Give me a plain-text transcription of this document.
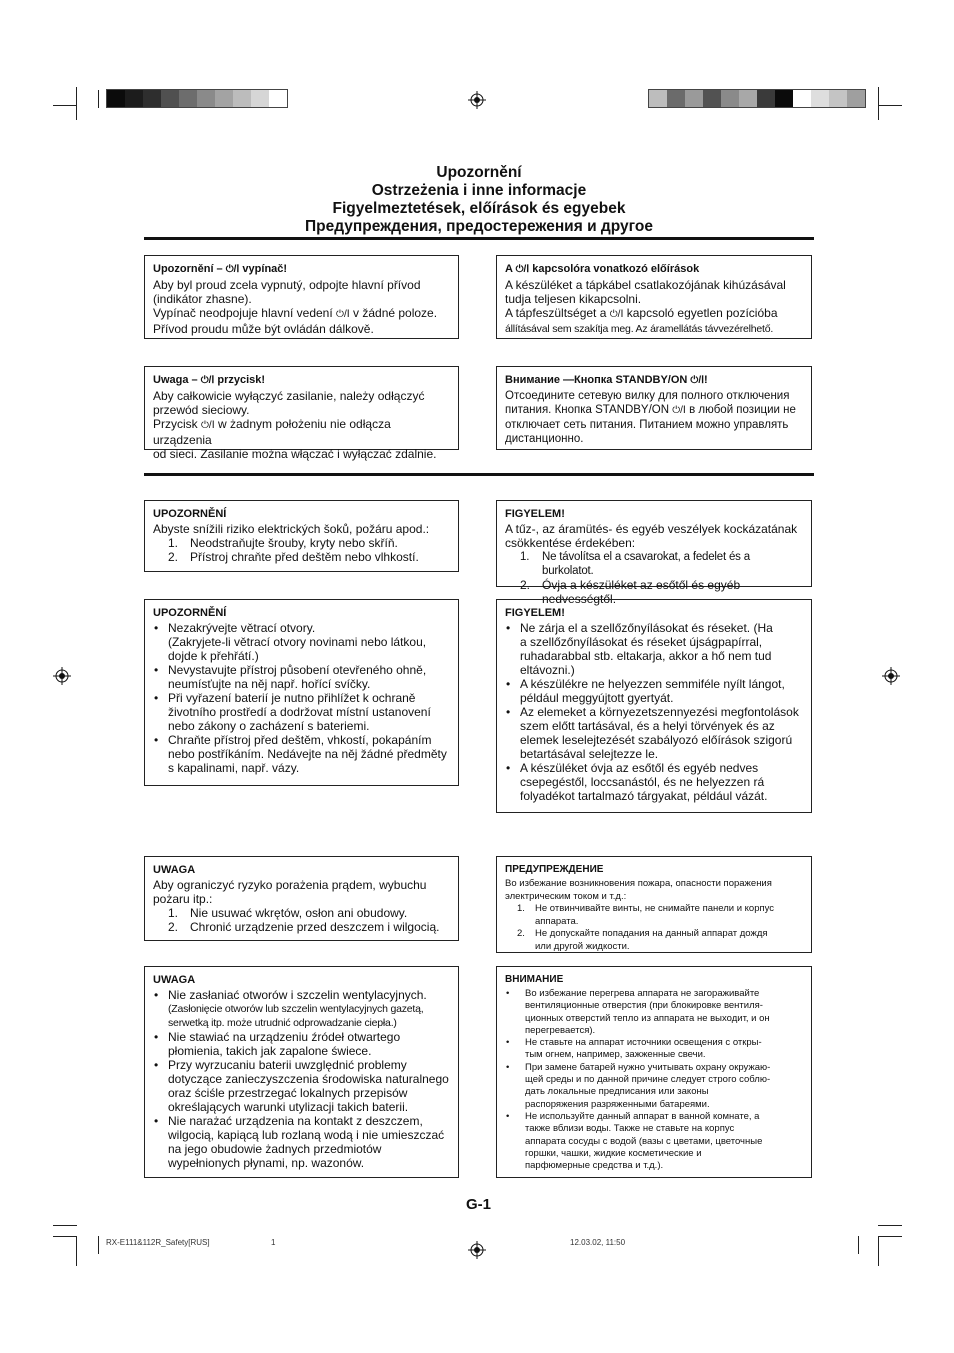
Upozornění
Ostrzeżenia i inne informacje
Figyelmeztetések, előírások és egyebek
Предупреждения, предостережения и другое
Upozornění – ⏻/Ⅰ vypínač!

Aby byl proud zcela vypnutý, odpojte hlavní přívod

(indikátor zhasne).

Vypínač neodpojuje hlavní vedení ⏻/Ⅰ v žádné poloze.

Přívod proudu může být ovládán dálkově.

A ⏻/Ⅰ kapcsolóra vonatkozó előírások

A készüléket a tápkábel csatlakozójának kihúzásával

tudja teljesen kikapcsolni.

A tápfeszültséget a ⏻/Ⅰ kapcsoló egyetlen pozícióba

állításával sem szakítja meg. Az áramellátás távvezérelhető.

Uwaga – ⏻/Ⅰ przycisk!

Aby całkowicie wyłączyć zasilanie, należy odłączyć

przewód sieciowy.

Przycisk ⏻/Ⅰ w żadnym położeniu nie odłącza urządzenia

od sieci. Zasilanie można włączać i wyłączać zdalnie.

Внимание —Кнопка STANDBY/ON ⏻/Ⅰ!

Отсоедините сетевую вилку для полного отключения

питания. Кнопка STANDBY/ON ⏻/Ⅰ в любой позиции не

отключает сеть питания. Питанием можно управлять

дистанционно.

UPOZORNĚNÍ

Abyste snížili riziko elektrických šoků, požáru apod.:

1. Neodstraňujte šrouby, kryty nebo skříň.
2. Přístroj chraňte před deštěm nebo vlhkostí.
FIGYELEM!

A tűz-, az áramütés- és egyéb veszélyek kockázatának

csökkentése érdekében:

1. Ne távolítsa el a csavarokat, a fedelet és a burkolatot.
2. Óvja a készüléket az esőtől és egyéb nedvességtől.
UPOZORNĚNÍ
• Nezakrývejte větrací otvory.
(Zakryjete-li větrací otvory novinami nebo látkou,
dojde k přehřátí.)
• Nevystavujte přístroj působení otevřeného ohně,
neumísťujte na něj např. hořící svíčky.
• Při vyřazení baterií je nutno přihlížet k ochraně
životního prostředí a dodržovat místní ustanovení
nebo zákony o zacházení s bateriemi.
• Chraňte přístroj před deštěm, vhkostí, pokapáním
nebo postříkáním. Nedávejte na něj žádné předměty
s kapalinami, např. vázy.
FIGYELEM!
• Ne zárja el a szellőzőnyílásokat és réseket. (Ha
a szellőzőnyílásokat és réseket újságpapírral,
ruhadarabbal stb. eltakarja, akkor a hő nem tud
eltávozni.)
• A készülékre ne helyezzen semmiféle nyílt lángot,
például meggyújtott gyertyát.
• Az elemeket a környezetszennyezési megfontolások
szem előtt tartásával, és a helyi törvények és az
elemek leselejtezését szabályozó előírások szigorú
betartásával selejtezze le.
• A készüléket óvja az esőtől és egyéb nedves
csepegéstől, loccsanástól, és ne helyezzen rá
folyadékot tartalmazó tárgyakat, például vázát.
UWAGA

Aby ograniczyć ryzyko porażenia prądem, wybuchu

pożaru itp.:

1. Nie usuwać wkrętów, osłon ani obudowy.
2. Chronić urządzenie przed deszczem i wilgocią.
ПРЕДУПРЕЖДЕНИЕ

Во избежание возникновения пожара, опасности поражения

электрическим током и т.д.:

1. Не отвинчивайте винты, не снимайте панели и корпус
аппарата.
2. Не допускайте попадания на данный аппарат дождя
или другой жидкости.
UWAGA
• Nie zasłaniać otworów i szczelin wentylacyjnych.
(Zasłonięcie otworów lub szczelin wentylacyjnych gazetą,
serwetką itp. może utrudnić odprowadzanie ciepła.)
• Nie stawiać na urządzeniu źródeł otwartego
płomienia, takich jak zapalone świece.
• Przy wyrzucaniu baterii uwzględnić problemy
dotyczące zanieczyszczenia środowiska naturalnego
oraz ściśle przestrzegać lokalnych przepisów
określających warunki utylizacji takich baterii.
• Nie narażać urządzenia na kontakt z deszczem,
wilgocią, kapiącą lub rozlaną wodą i nie umieszczać
na jego obudowie żadnych przedmiotów
wypełnionych płynami, np. wazonów.
ВНИМАНИЕ
• Во избежание перегрева аппарата не загораживайте
вентиляционные отверстия (при блокировке вентиля-
ционных отверстий тепло из аппарата не выходит, и он
перегревается).
• Не ставьте на аппарат источники освещения с откры-
тым огнем, например, зажженные свечи.
• При замене батарей нужно учитывать охрану окружаю-
щей среды и по данной причине следует строго соблю-
дать локальные предписания или законы
распоряжения разряженными батареями.
• Не используйте данный аппарат в ванной комнате, а
также вблизи воды. Также не ставьте на корпус
аппарата сосуды с водой (вазы с цветами, цветочные
горшки, чашки, жидкие косметические и
парфюмерные средства и т.д.).
G-1
RX-E111&112R_Safety[RUS]	1	12.03.02, 11:50
